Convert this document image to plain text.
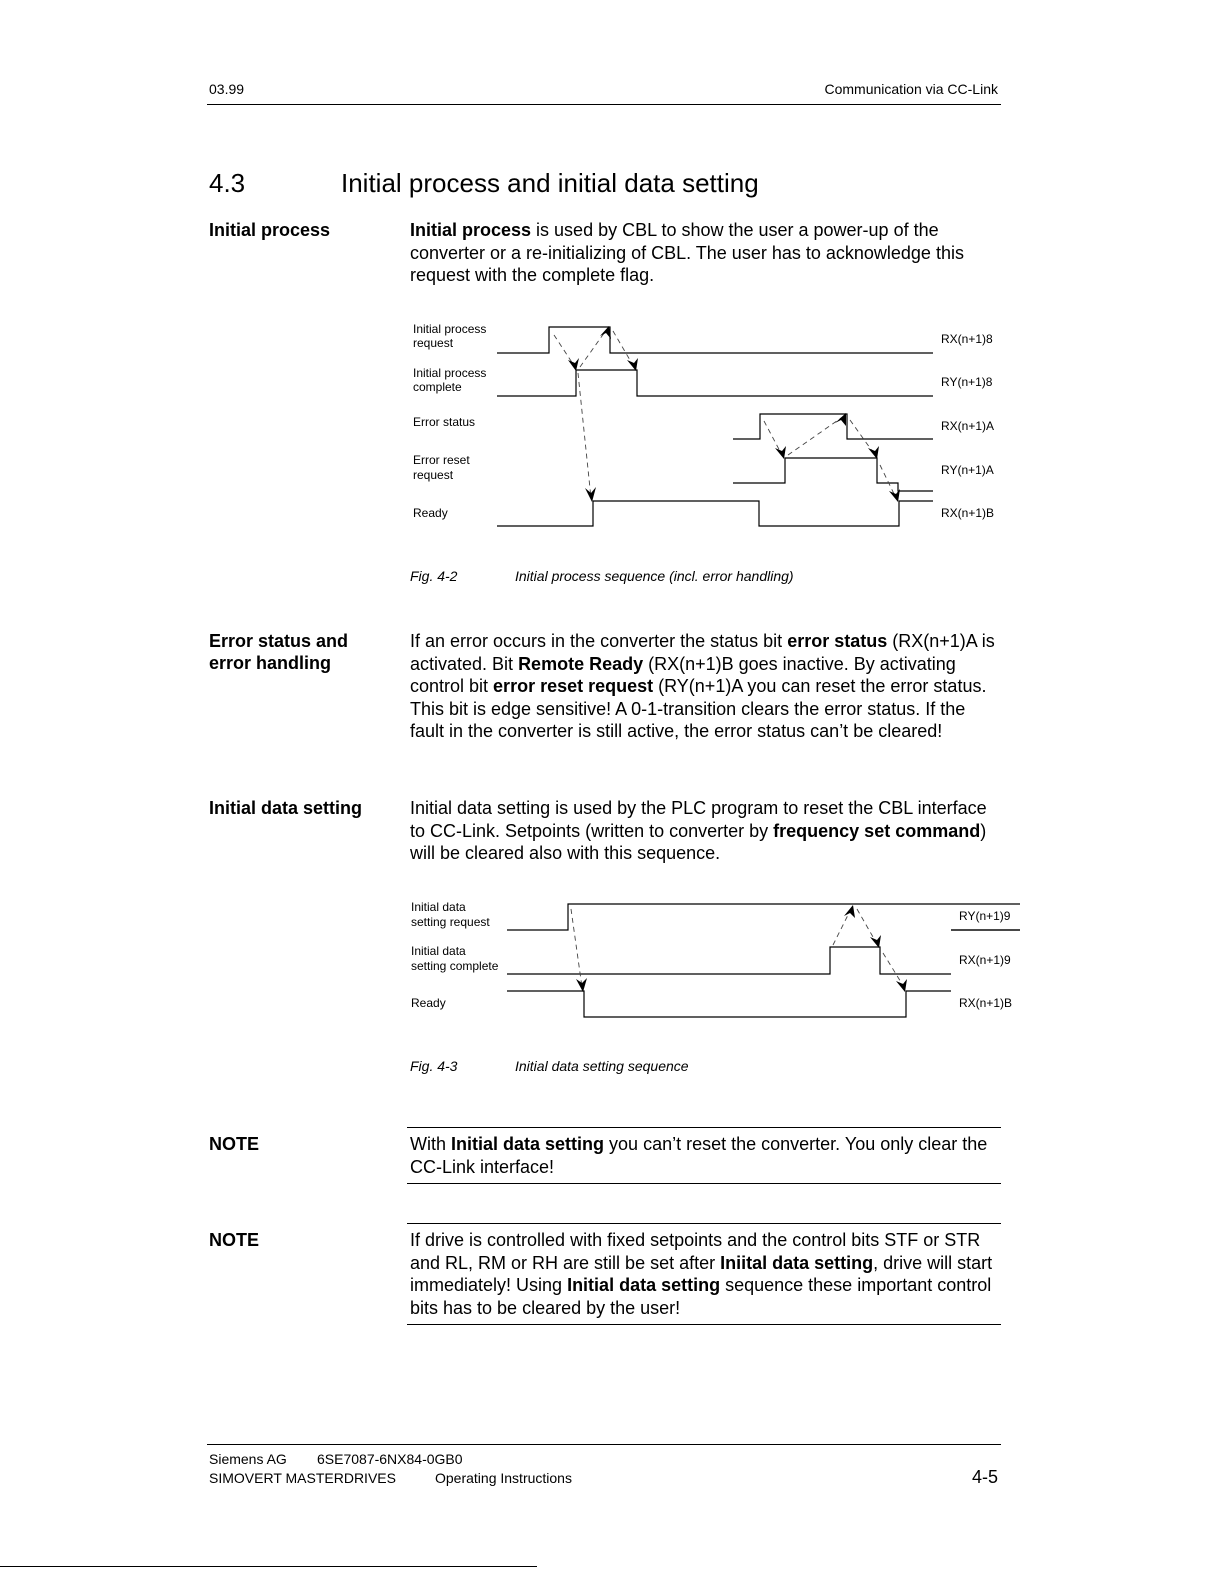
03.99	Communication via CC-Link
4.3	Initial process and initial data setting
Initial process	Initial process is used by CBL to show the user a power-up of the converter or a re-initializing of CBL. The user has to acknowledge this request with the complete flag.
Initial process
request
Initial process
complete
Error status
Error reset
request
Ready
RX(n+1)8
RY(n+1)8
RX(n+1)A
RY(n+1)A
RX(n+1)B
Fig. 4-2	Initial process sequence (incl. error handling)
Error status and
error handling
If an error occurs in the converter the status bit error status (RX(n+1)A is activated. Bit Remote Ready (RX(n+1)B goes inactive. By activating control bit error reset request (RY(n+1)A you can reset the error status. This bit is edge sensitive! A 0-1-transition clears the error status. If the fault in the converter is still active, the error status can’t be cleared!
Initial data setting	Initial data setting is used by the PLC program to reset the CBL interface to CC-Link. Setpoints (written to converter by frequency set command) will be cleared also with this sequence.
Initial data
setting request
Initial data
setting complete
Ready
RY(n+1)9
RX(n+1)9
RX(n+1)B
Fig. 4-3	Initial data setting sequence
NOTE	With Initial data setting you can’t reset the converter. You only clear the CC-Link interface!
NOTE	If drive is controlled with fixed setpoints and the control bits STF or STR and RL, RM or RH are still be set after Iniital data setting, drive will start immediately! Using Initial data setting sequence these important control bits has to be cleared by the user!
Siemens AG 6SE7087-6NX84-0GB0
SIMOVERT MASTERDRIVES	Operating Instructions	4-5
